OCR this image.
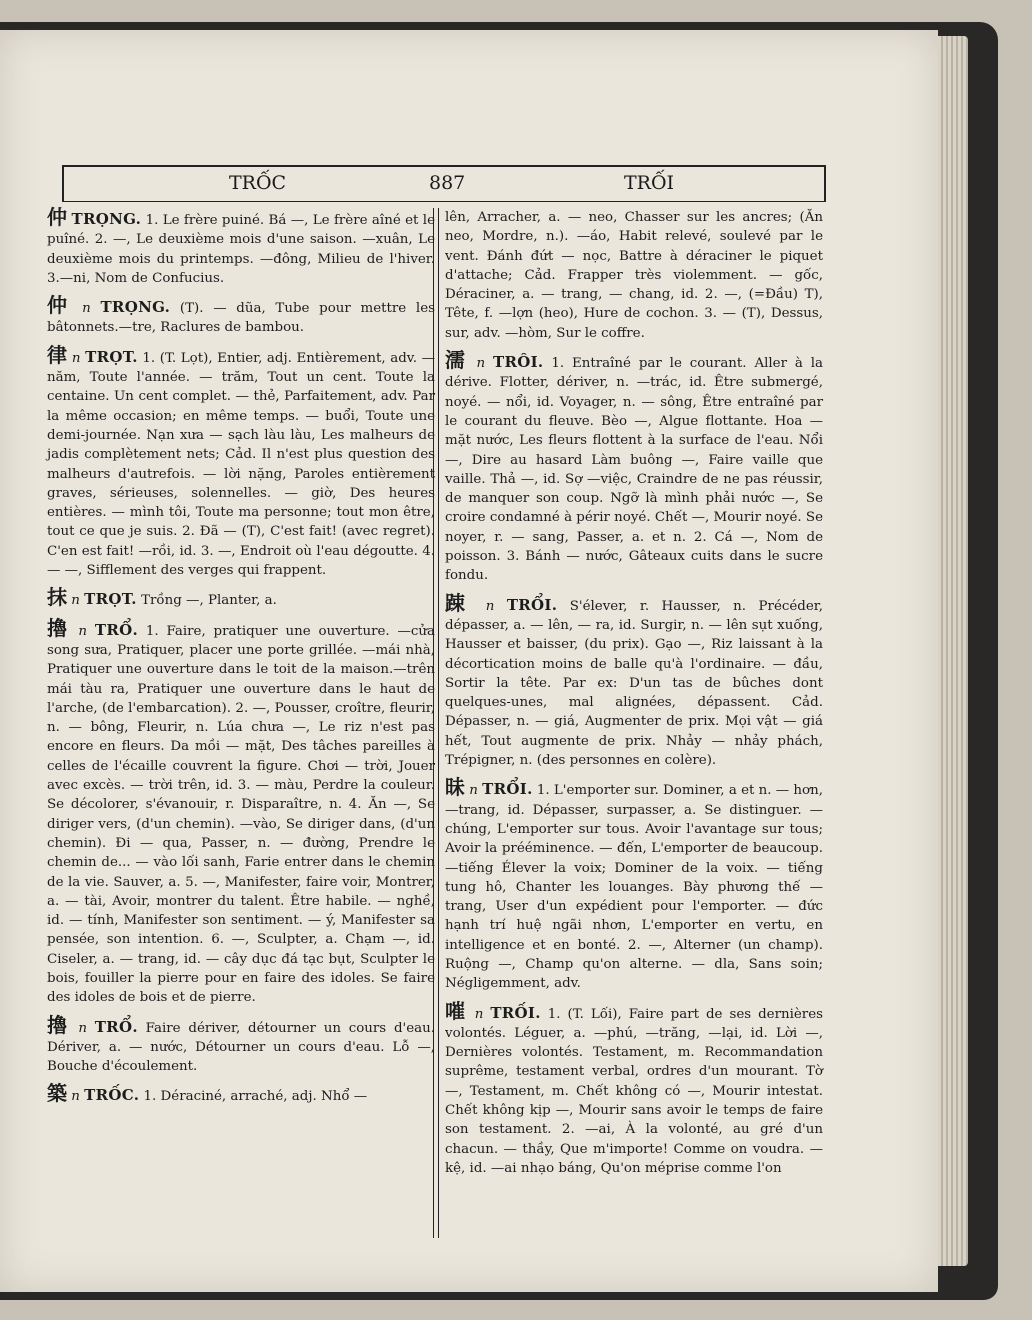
TRỐC	887	TRỐI

仲 TRỌNG. 1. Le frère puiné. Bá —, Le frère aîné et le puîné. 2. —, Le deuxième mois d'une saison. —xuân, Le deuxième mois du printemps. —đông, Milieu de l'hiver. 3.—ni, Nom de Confucius.

仲 n TRỌNG. (T). — dũa, Tube pour mettre les bâtonnets.—tre, Raclures de bambou.

律 n TRỌT. 1. (T. Lọt), Entier, adj. Entièrement, adv. — năm, Toute l'année. — trăm, Tout un cent. Toute la centaine. Un cent complet. — thẻ, Parfaitement, adv. Par la même occasion; en même temps. — buổi, Toute une demi-journée. Nạn xưa — sạch làu làu, Les malheurs de jadis complètement nets; Cảd. Il n'est plus question des malheurs d'autrefois. — lời nặng, Paroles entièrement graves, sérieuses, solennelles. — giờ, Des heures entières. — mình tôi, Toute ma personne; tout mon être, tout ce que je suis. 2. Đã — (T), C'est fait! (avec regret). C'en est fait! —rồi, id. 3. —, Endroit où l'eau dégoutte. 4. — —, Sifflement des verges qui frappent.

抹 n TRỌT. Trồng —, Planter, a.

擼 n TRỔ. 1. Faire, pratiquer une ouverture. —cửa song sưa, Pratiquer, placer une porte grillée. —mái nhà, Pratiquer une ouverture dans le toit de la maison.—trên mái tàu ra, Pratiquer une ouverture dans le haut de l'arche, (de l'embarcation). 2. —, Pousser, croître, fleurir, n. — bông, Fleurir, n. Lúa chưa —, Le riz n'est pas encore en fleurs. Da mồi — mặt, Des tâches pareilles à celles de l'écaille couvrent la figure. Chơi — trời, Jouer avec excès. — trời trên, id. 3. — màu, Perdre la couleur. Se décolorer, s'évanouir, r. Disparaître, n. 4. Ăn —, Se diriger vers, (d'un chemin). —vào, Se diriger dans, (d'un chemin). Đi — qua, Passer, n. — đường, Prendre le chemin de... — vào lối sanh, Farie entrer dans le chemin de la vie. Sauver, a. 5. —, Manifester, faire voir, Montrer, a. — tài, Avoir, montrer du talent. Être habile. — nghề, id. — tính, Manifester son sentiment. — ý, Manifester sa pensée, son intention. 6. —, Sculpter, a. Chạm —, id. Ciseler, a. — trang, id. — cây dục đá tạc bụt, Sculpter le bois, fouiller la pierre pour en faire des idoles. Se faire des idoles de bois et de pierre.

擼 n TRỔ. Faire dériver, détourner un cours d'eau. Dériver, a. — nước, Détourner un cours d'eau. Lỗ —, Bouche d'écoulement.

築 n TRỐC. 1. Déraciné, arraché, adj. Nhổ —

lên, Arracher, a. — neo, Chasser sur les ancres; (Ăn neo, Mordre, n.). —áo, Habit relevé, soulevé par le vent. Đánh đứt — nọc, Battre à déraciner le piquet d'attache; Cảd. Frapper très violemment. — gốc, Déraciner, a. — trang, — chang, id. 2. —, (=Đầu) T), Tête, f. —lợn (heo), Hure de cochon. 3. — (T), Dessus, sur, adv. —hòm, Sur le coffre.

濡 n TRÔI. 1. Entraîné par le courant. Aller à la dérive. Flotter, dériver, n. —trác, id. Être submergé, noyé. — nổi, id. Voyager, n. — sông, Être entraîné par le courant du fleuve. Bèo —, Algue flottante. Hoa — mặt nước, Les fleurs flottent à la surface de l'eau. Nổi —, Dire au hasard Làm buông —, Faire vaille que vaille. Thả —, id. Sợ —việc, Craindre de ne pas réussir, de manquer son coup. Ngỡ là mình phải nước —, Se croire condamné à périr noyé. Chết —, Mourir noyé. Se noyer, r. — sang, Passer, a. et n. 2. Cá —, Nom de poisson. 3. Bánh — nước, Gâteaux cuits dans le sucre fondu.

踈 n TRỔI. S'élever, r. Hausser, n. Précéder, dépasser, a. — lên, — ra, id. Surgir, n. — lên sụt xuống, Hausser et baisser, (du prix). Gạo —, Riz laissant à la décortication moins de balle qu'à l'ordinaire. — đầu, Sortir la tête. Par ex: D'un tas de bûches dont quelques-unes, mal alignées, dépassent. Cảd. Dépasser, n. — giá, Augmenter de prix. Mọi vật — giá hết, Tout augmente de prix. Nhảy — nhảy phách, Trépigner, n. (des personnes en colère).

昧 n TRỔI. 1. L'emporter sur. Dominer, a et n. — hơn, —trang, id. Dépasser, surpasser, a. Se distinguer. — chúng, L'emporter sur tous. Avoir l'avantage sur tous; Avoir la prééminence. — đến, L'emporter de beaucoup.—tiếng Élever la voix; Dominer de la voix. — tiếng tung hô, Chanter les louanges. Bày phương thế — trang, User d'un expédient pour l'emporter. — đức hạnh trí huệ ngãi nhơn, L'emporter en vertu, en intelligence et en bonté. 2. —, Alterner (un champ). Ruộng —, Champ qu'on alterne. — dla, Sans soin; Négligemment, adv.

嗺 n TRỐI. 1. (T. Lối), Faire part de ses dernières volontés. Léguer, a. —phú, —trăng, —lại, id. Lời —, Dernières volontés. Testament, m. Recommandation suprême, testament verbal, ordres d'un mourant. Tờ —, Testament, m. Chết không có —, Mourir intestat. Chết không kịp —, Mourir sans avoir le temps de faire son testament. 2. —ai, À la volonté, au gré d'un chacun. — thầy, Que m'importe! Comme on voudra. —kệ, id. —ai nhạo báng, Qu'on méprise comme l'on
